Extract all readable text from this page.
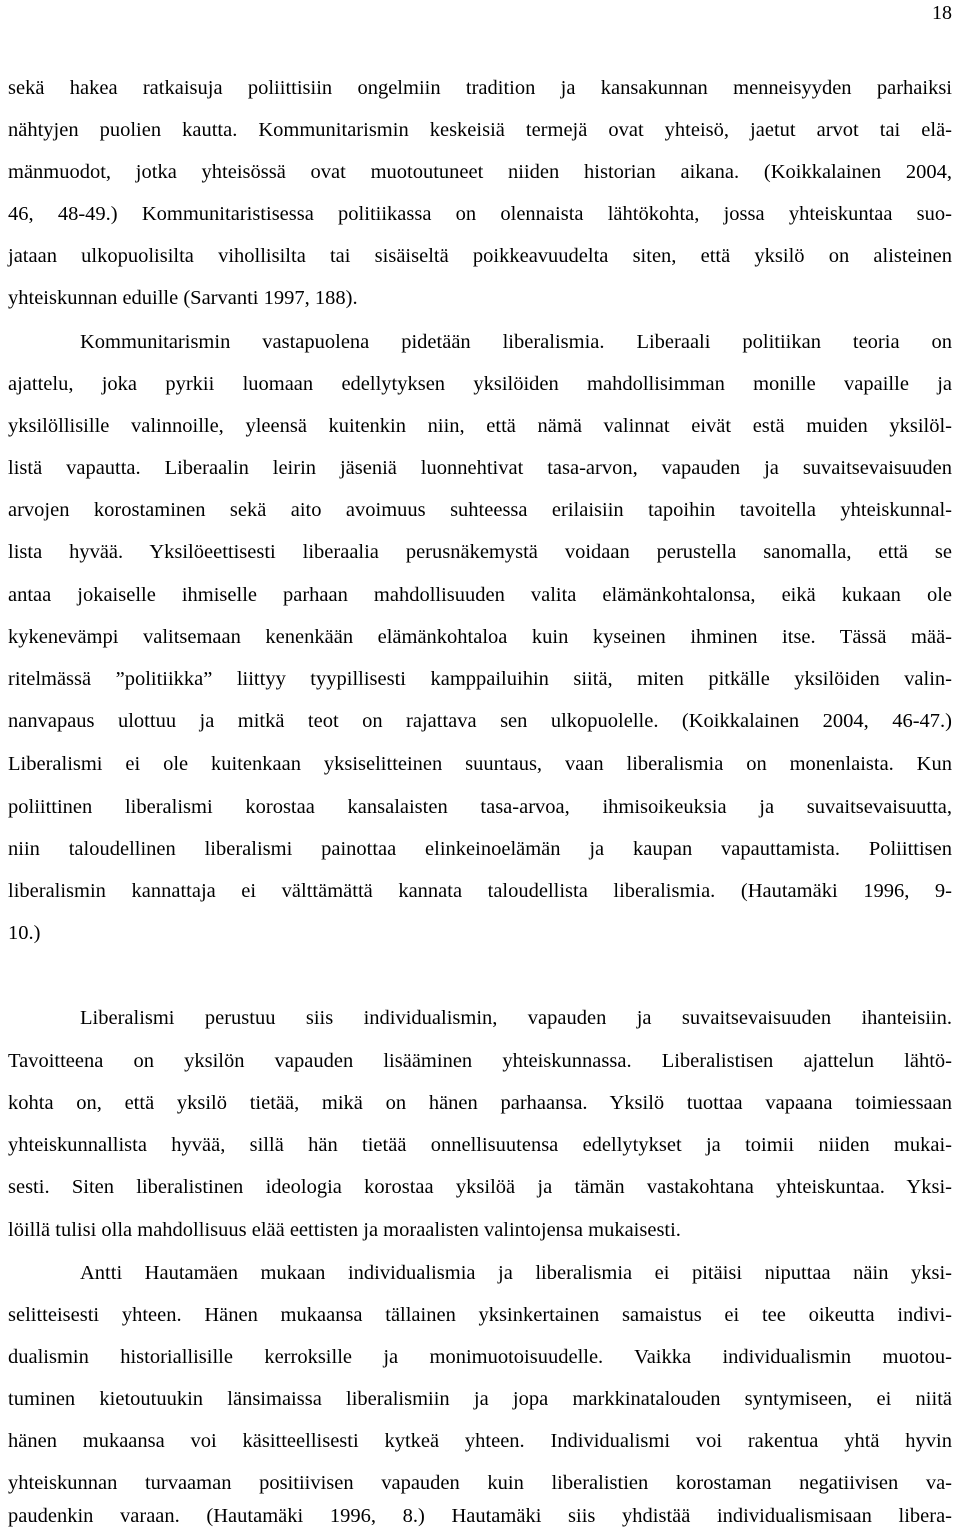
18
sekä hakea ratkaisuja poliittisiin ongelmiin tradition ja kansakunnan menneisyyden parhaiksi
nähtyjen puolien kautta. Kommunitarismin keskeisiä termejä ovat yhteisö, jaetut arvot tai elä-
mänmuodot, jotka yhteisössä ovat muotoutuneet niiden historian aikana. (Koikkalainen 2004,
46, 48-49.) Kommunitaristisessa politiikassa on olennaista lähtökohta, jossa yhteiskuntaa suo-
jataan ulkopuolisilta vihollisilta tai sisäiseltä poikkeavuudelta siten, että yksilö on alisteinen
yhteiskunnan eduille (Sarvanti 1997, 188).
Kommunitarismin vastapuolena pidetään liberalismia. Liberaali politiikan teoria on
ajattelu, joka pyrkii luomaan edellytyksen yksilöiden mahdollisimman monille vapaille ja
yksilöllisille valinnoille, yleensä kuitenkin niin, että nämä valinnat eivät estä muiden yksilöl-
listä vapautta. Liberaalin leirin jäseniä luonnehtivat tasa-arvon, vapauden ja suvaitsevaisuuden
arvojen korostaminen sekä aito avoimuus suhteessa erilaisiin tapoihin tavoitella yhteiskunnal-
lista hyvää. Yksilöeettisesti liberaalia perusnäkemystä voidaan perustella sanomalla, että se
antaa jokaiselle ihmiselle parhaan mahdollisuuden valita elämänkohtalonsa, eikä kukaan ole
kykenevämpi valitsemaan kenenkään elämänkohtaloa kuin kyseinen ihminen itse. Tässä mää-
ritelmässä ”politiikka” liittyy tyypillisesti kamppailuihin siitä, miten pitkälle yksilöiden valin-
nanvapaus ulottuu ja mitkä teot on rajattava sen ulkopuolelle. (Koikkalainen 2004, 46-47.)
Liberalismi ei ole kuitenkaan yksiselitteinen suuntaus, vaan liberalismia on monenlaista. Kun
poliittinen liberalismi korostaa kansalaisten tasa-arvoa, ihmisoikeuksia ja suvaitsevaisuutta,
niin taloudellinen liberalismi painottaa elinkeinoelämän ja kaupan vapauttamista. Poliittisen
liberalismin kannattaja ei välttämättä kannata taloudellista liberalismia. (Hautamäki 1996, 9-
10.)
Liberalismi perustuu siis individualismin, vapauden ja suvaitsevaisuuden ihanteisiin.
Tavoitteena on yksilön vapauden lisääminen yhteiskunnassa. Liberalistisen ajattelun lähtö-
kohta on, että yksilö tietää, mikä on hänen parhaansa. Yksilö tuottaa vapaana toimiessaan
yhteiskunnallista hyvää, sillä hän tietää onnellisuutensa edellytykset ja toimii niiden mukai-
sesti. Siten liberalistinen ideologia korostaa yksilöä ja tämän vastakohtana yhteiskuntaa. Yksi-
löillä tulisi olla mahdollisuus elää eettisten ja moraalisten valintojensa mukaisesti.
Antti Hautamäen mukaan individualismia ja liberalismia ei pitäisi niputtaa näin yksi-
selitteisesti yhteen. Hänen mukaansa tällainen yksinkertainen samaistus ei tee oikeutta indivi-
dualismin historiallisille kerroksille ja monimuotoisuudelle. Vaikka individualismin muotou-
tuminen kietoutuukin länsimaissa liberalismiin ja jopa markkinatalouden syntymiseen, ei niitä
hänen mukaansa voi käsitteellisesti kytkeä yhteen. Individualismi voi rakentua yhtä hyvin
yhteiskunnan turvaaman positiivisen vapauden kuin liberalistien korostaman negatiivisen va-
paudenkin varaan. (Hautamäki 1996, 8.) Hautamäki siis yhdistää individualismisaan libera-
